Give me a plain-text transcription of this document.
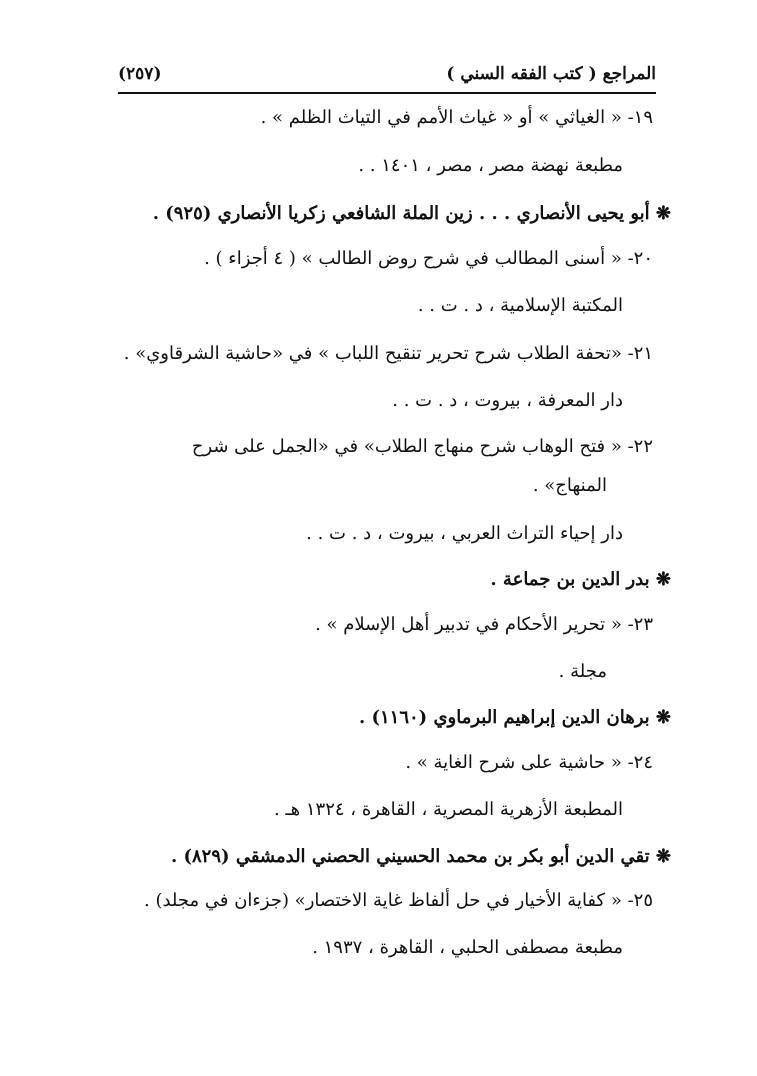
المراجع ( كتب الفقه السني )
(٢٥٧)
١٩- « الغياثي » أو « غياث الأمم في التياث الظلم » .
مطبعة نهضة مصر ، مصر ، ١٤٠١ . .
❋ أبو يحيى الأنصاري . . . زين الملة الشافعي زكريا الأنصاري (٩٢٥) .
٢٠- « أسنى المطالب في شرح روض الطالب » ( ٤ أجزاء ) .
المكتبة الإسلامية ، د . ت . .
٢١- «تحفة الطلاب شرح تحرير تنقيح اللباب » في «حاشية الشرقاوي» .
دار المعرفة ، بيروت ، د . ت . .
٢٢- « فتح الوهاب شرح منهاج الطلاب» في «الجمل على شرح
المنهاج» .
دار إحياء التراث العربي ، بيروت ، د . ت . .
❋ بدر الدين بن جماعة .
٢٣- « تحرير الأحكام في تدبير أهل الإسلام » .
مجلة .
❋ برهان الدين إبراهيم البرماوي (١١٦٠) .
٢٤- « حاشية على شرح الغاية » .
المطبعة الأزهرية المصرية ، القاهرة ، ١٣٢٤ هـ .
❋ تقي الدين أبو بكر بن محمد الحسيني الحصني الدمشقي (٨٢٩) .
٢٥- « كفاية الأخيار في حل ألفاظ غاية الاختصار» (جزءان في مجلد) .
مطبعة مصطفى الحلبي ، القاهرة ، ١٩٣٧ .
